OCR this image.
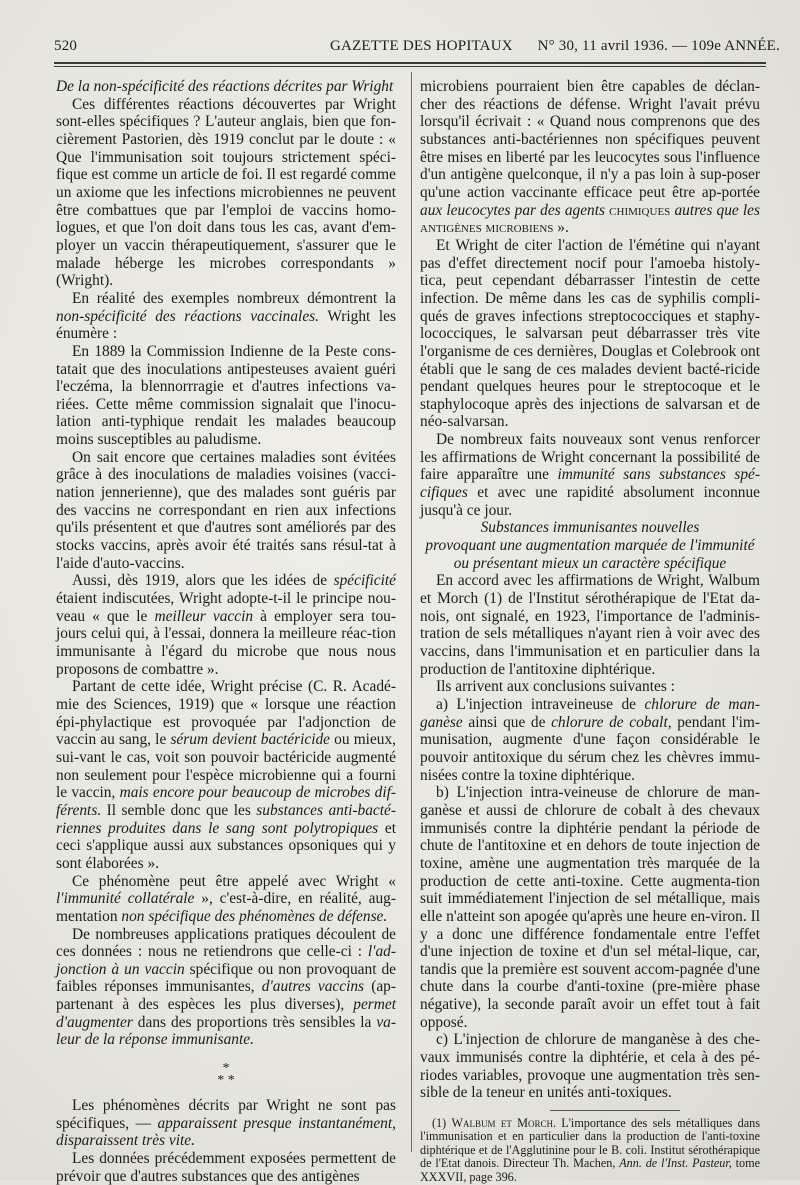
520	GAZETTE DES HOPITAUX N° 30, 11 avril 1936. — 109e ANNÉE.

De la non-spécificité des réactions décrites par Wright

Ces différentes réactions découvertes par Wright sont-elles spécifiques ? L'auteur anglais, bien que fon-cièrement Pastorien, dès 1919 conclut par le doute : « Que l'immunisation soit toujours strictement spéci-fique est comme un article de foi. Il est regardé comme un axiome que les infections microbiennes ne peuvent être combattues que par l'emploi de vaccins homo-logues, et que l'on doit dans tous les cas, avant d'em-ployer un vaccin thérapeutiquement, s'assurer que le malade héberge les microbes correspondants » (Wright).

En réalité des exemples nombreux démontrent la non-spécificité des réactions vaccinales. Wright les énumère :

En 1889 la Commission Indienne de la Peste cons-tatait que des inoculations antipesteuses avaient guéri l'eczéma, la blennorrragie et d'autres infections va-riées. Cette même commission signalait que l'inocu-lation anti-typhique rendait les malades beaucoup moins susceptibles au paludisme.

On sait encore que certaines maladies sont évitées grâce à des inoculations de maladies voisines (vacci-nation jennerienne), que des malades sont guéris par des vaccins ne correspondant en rien aux infections qu'ils présentent et que d'autres sont améliorés par des stocks vaccins, après avoir été traités sans résul-tat à l'aide d'auto-vaccins.

Aussi, dès 1919, alors que les idées de spécificité étaient indiscutées, Wright adopte-t-il le principe nou-veau « que le meilleur vaccin à employer sera tou-jours celui qui, à l'essai, donnera la meilleure réac-tion immunisante à l'égard du microbe que nous nous proposons de combattre ».

Partant de cette idée, Wright précise (C. R. Acadé-mie des Sciences, 1919) que « lorsque une réaction épi-phylactique est provoquée par l'adjonction de vaccin au sang, le sérum devient bactéricide ou mieux, sui-vant le cas, voit son pouvoir bactéricide augmenté non seulement pour l'espèce microbienne qui a fourni le vaccin, mais encore pour beaucoup de microbes dif-férents. Il semble donc que les substances anti-bacté-riennes produites dans le sang sont polytropiques et ceci s'applique aussi aux substances opsoniques qui y sont élaborées ».

Ce phénomène peut être appelé avec Wright « l'immunité collatérale », c'est-à-dire, en réalité, aug-mentation non spécifique des phénomènes de défense.

De nombreuses applications pratiques découlent de ces données : nous ne retiendrons que celle-ci : l'ad-jonction à un vaccin spécifique ou non provoquant de faibles réponses immunisantes, d'autres vaccins (ap-partenant à des espèces les plus diverses), permet d'augmenter dans des proportions très sensibles la va-leur de la réponse immunisante.

*
* *

Les phénomènes décrits par Wright ne sont pas spécifiques, — apparaissent presque instantanément, disparaissent très vite.

Les données précédemment exposées permettent de prévoir que d'autres substances que des antigènes

microbiens pourraient bien être capables de déclan-cher des réactions de défense. Wright l'avait prévu lorsqu'il écrivait : « Quand nous comprenons que des substances anti-bactériennes non spécifiques peuvent être mises en liberté par les leucocytes sous l'influence d'un antigène quelconque, il n'y a pas loin à sup-poser qu'une action vaccinante efficace peut être ap-portée aux leucocytes par des agents chimiques autres que les antigènes microbiens ».

Et Wright de citer l'action de l'émétine qui n'ayant pas d'effet directement nocif pour l'amoeba histoly-tica, peut cependant débarrasser l'intestin de cette infection. De même dans les cas de syphilis compli-qués de graves infections streptococciques et staphy-lococciques, le salvarsan peut débarrasser très vite l'organisme de ces dernières, Douglas et Colebrook ont établi que le sang de ces malades devient bacté-ricide pendant quelques heures pour le streptocoque et le staphylocoque après des injections de salvarsan et de néo-salvarsan.

De nombreux faits nouveaux sont venus renforcer les affirmations de Wright concernant la possibilité de faire apparaître une immunité sans substances spé-cifiques et avec une rapidité absolument inconnue jusqu'à ce jour.

Substances immunisantes nouvelles

provoquant une augmentation marquée de l'immunité

ou présentant mieux un caractère spécifique

En accord avec les affirmations de Wright, Walbum et Morch (1) de l'Institut sérothérapique de l'Etat da-nois, ont signalé, en 1923, l'importance de l'adminis-tration de sels métalliques n'ayant rien à voir avec des vaccins, dans l'immunisation et en particulier dans la production de l'antitoxine diphtérique.

Ils arrivent aux conclusions suivantes :

a) L'injection intraveineuse de chlorure de man-ganèse ainsi que de chlorure de cobalt, pendant l'im-munisation, augmente d'une façon considérable le pouvoir antitoxique du sérum chez les chèvres immu-nisées contre la toxine diphtérique.

b) L'injection intra-veineuse de chlorure de man-ganèse et aussi de chlorure de cobalt à des chevaux immunisés contre la diphtérie pendant la période de chute de l'antitoxine et en dehors de toute injection de toxine, amène une augmentation très marquée de la production de cette anti-toxine. Cette augmenta-tion suit immédiatement l'injection de sel métallique, mais elle n'atteint son apogée qu'après une heure en-viron. Il y a donc une différence fondamentale entre l'effet d'une injection de toxine et d'un sel métal-lique, car, tandis que la première est souvent accom-pagnée d'une chute dans la courbe d'anti-toxine (pre-mière phase négative), la seconde paraît avoir un effet tout à fait opposé.

c) L'injection de chlorure de manganèse à des che-vaux immunisés contre la diphtérie, et cela à des pé-riodes variables, provoque une augmentation très sen-sible de la teneur en unités anti-toxiques.

(1) Walbum et Morch. L'importance des sels métalliques dans l'immunisation et en particulier dans la production de l'anti-toxine diphtérique et de l'Agglutinine pour le B. coli. Institut sérothérapique de l'Etat danois. Directeur Th. Machen, Ann. de l'Inst. Pasteur, tome XXXVII, page 396.
